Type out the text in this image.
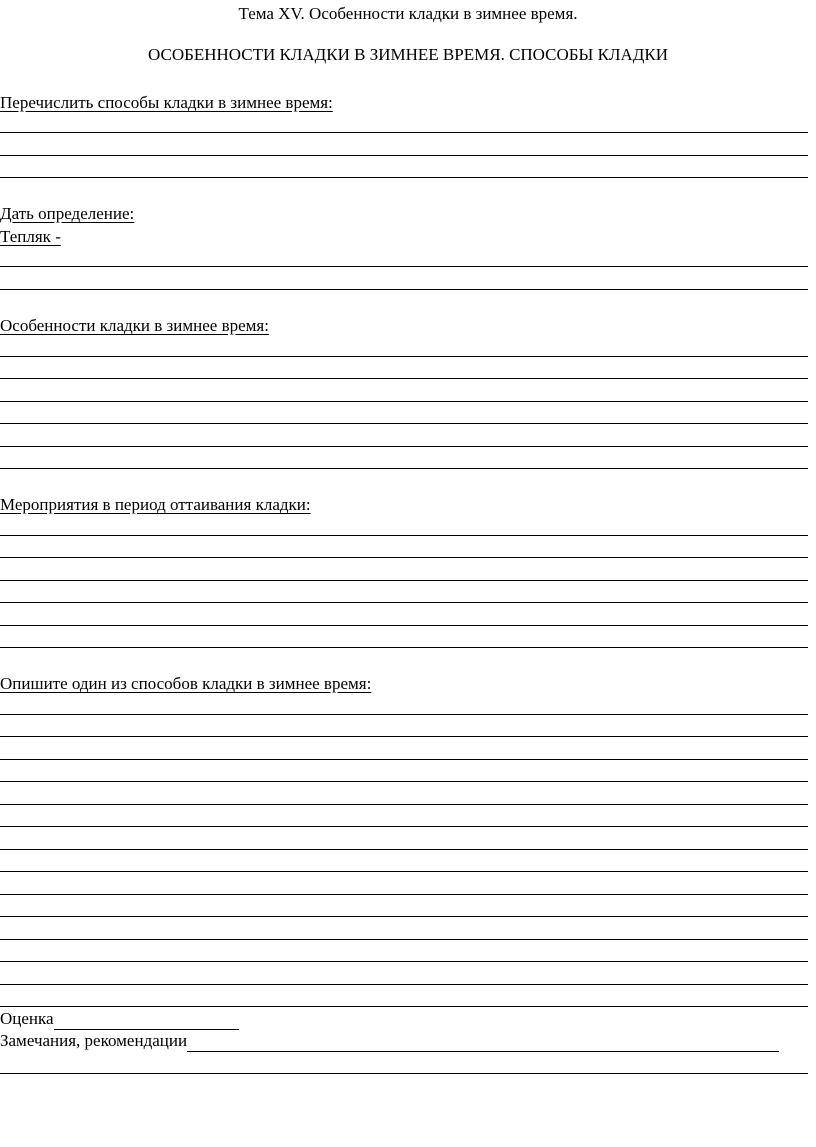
Тема XV. Особенности кладки в зимнее время.
ОСОБЕННОСТИ КЛАДКИ В ЗИМНЕЕ ВРЕМЯ. СПОСОБЫ КЛАДКИ
Перечислить способы кладки в зимнее время:
Дать определение:
Тепляк -
Особенности кладки в зимнее время:
Мероприятия в период оттаивания кладки:
Опишите один из способов кладки в зимнее время:
Оценка
Замечания, рекомендации
